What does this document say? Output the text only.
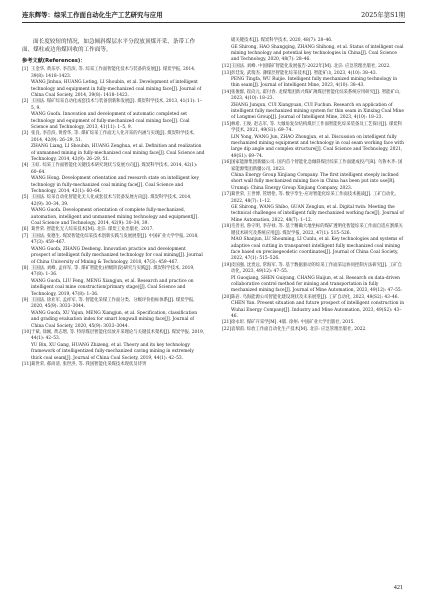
连东辉等：综采工作面自动化生产工艺研究与应用	2025年第S1期

面长度较短的情况，如急倾斜煤层水平分段放顶煤开采、条带工作面、煤柱或边角煤回收的工作面等。

参考文献(References)：

[1] 王金华, 黄乐亭, 李首滨, 等. 综采工作面智能化技术与装备的发展[J]. 煤炭学报, 2014, 39(8): 1418–1423.

WANG Jinhua, HUANG Leting, LI Shoubin, et al. Development of intelligent technology and equipment in fully-mechanized coal mining face[J]. Journal of China Coal Society, 2014, 39(8): 1418–1423.

[2] 王国法. 煤矿综采自动化成套技术与装备创新和发展[J]. 煤炭科学技术, 2013, 41(11): 1–5, 9.

WANG Guofa. Innovation and development of automatic completed set technology and equipment of fully-mechanized coal mining face[J]. Coal Science and Technology, 2013, 41(11): 1–5, 9.

[3] 张良, 李首滨, 黄曾华, 等. 煤矿综采工作面无人化开采的内涵与实现[J]. 煤炭科学技术, 2014, 42(9): 26–29, 51.

ZHANG Liang, LI Shoubin, HUANG Zenghua, et al. Definition and realization of unmanned mining in fully-mechanized coal mining face[J]. Coal Science and Technology, 2014, 42(9): 26–29, 51.

[4] 王虹. 综采工作面智能化关键技术研究现状与发展方向[J]. 煤炭科学技术, 2014, 42(1): 60–64.

WANG Hong. Development orientation and research state on intelligent key technology in fully-mechanized coal mining face[J]. Coal Science and Technology, 2014, 42(1): 60–64.

[5] 王国法. 综采自动化智能化无人化成套技术与装备发展方向[J]. 煤炭科学技术, 2014, 42(9): 30–34, 39.

WANG Guofa. Development orientation of complete fully-mechanized, automation, intelligent and unmanned mining technology and equipment[J]. Coal Science and Technology, 2014, 42(9): 30–34, 39.

[6] 葛世荣. 智能化无人综采技术[M]. 北京: 煤炭工业出版社, 2017.

[7] 王国法, 张德生. 煤炭智能化综采技术创新实践与发展展望[J]. 中国矿业大学学报, 2018, 47(3): 459–467.

WANG Guofa, ZHANG Desheng. Innovation practice and development prospect of intelligent fully mechanized technology for coal mining[J]. Journal of China University of Mining & Technology, 2018, 47(3): 459–467.

[8] 王国法, 刘峰, 孟祥军, 等. 煤矿智能化(初级阶段)研究与实践[J]. 煤炭科学技术, 2019, 47(8): 1–36.

WANG Guofa, LIU Feng, MENG Xiangjun, et al. Research and practice on intelligent coal mine construction(primary stage)[J]. Coal Science and Technology, 2019, 47(8): 1–36.

[9] 王国法, 徐亚军, 孟祥军, 等. 智能化采煤工作面分类、分级评价指标体系[J]. 煤炭学报, 2020, 45(9): 3033–3044.

WANG Guofa, XU Yajun, MENG Xiangjun, et al. Specification, classification and grading evaluation index for smart longwall mining face[J]. Journal of China Coal Society, 2020, 45(9): 3033–3044.

[10]于斌, 徐刚, 黄志增, 等. 特厚煤层智能化综放开采理论与关键技术架构[J]. 煤炭学报, 2019, 44(1): 42–53.

YU Bin, XU Gang, HUANG Zhizeng, et al. Theory and its key technology framework of intelligentized fully-mechanized caving mining in extremely thick coal seam[J]. Journal of China Coal Society, 2019, 44(1): 42–53.

[11]葛世荣, 郝尚清, 张世洪, 等. 我国智能化采煤技术现状及待突

破关键技术[J]. 煤炭科学技术, 2020, 48(7): 28–46.

GE Shirong, HAO Shangqing, ZHANG Shihong, et al. Status of intelligent coal mining technology and potential key technologies in China[J]. Coal Science and Technology, 2020, 48(7): 28–46.

[12]王国法. 刘峰. 中国煤矿智能化发展报告-2022年[M]. 北京: 应急管理出版社, 2022.

[13]彭廷发, 武瑞杰. 薄煤层智能化综采技术[J]. 智能矿山, 2023, 4(10): 38–43.

PENG Tingfa, WU Ruijie. Intelligent fully mechanized mining technology in thin seam[J]. Journal of Intelligent Mine, 2023, 4(10): 38–43.

[14]张俊群, 崔向元, 霍付春. 龙煤集团新兴煤矿薄煤层智能化综采系统应用研究[J]. 智能矿山, 2023, 4(10): 18–23.

ZHANG Junqun, CUI Xiangyuan, CUI Fuchun. Research on application of intelligent fully mechanized mining system for thin seam in Xinxing Coal Mine of Longmei Group[J]. Journal of Intelligent Mine, 2023, 4(10): 18–23.

[15]林希, 王俊, 赵志军, 等. 大倾角复杂结构煤层工作面智能化综采装备及工艺探讨[J]. 煤炭科学技术, 2021, 49(S1): 69–74.

LIN Yong, WANG Jun, ZHAO Zhongjun, et al. Discussion on intelligent fully mechanized mining equipment and technology in coal seam working face with large dip angle and complex structure[J]. Coal Science and Technology, 2021, 49(S1): 69–74.

[16]国家能源集团新疆公司. 国内首个智能化急倾斜煤层综采工作面建成投产[R]. 乌鲁木齐: 国家能源集团新疆公司, 2023.

China Energy Group Xinjiang Company. The first intelligent steeply inclined short wall fully mechanized mining face in China has been put into use[R]. Urumqi: China Energy Group Xinjiang Company, 2023.

[17]葛世荣, 王世博, 管增伦, 等. 数字孪生-应对智能化综采工作面技术挑战[J]. 工矿自动化, 2022, 48(7): 1–12.

GE Shirong, WANG Shibo, GUAN Zenglun, et al. Digital twin: Meeting the technical challenges of intelligent fully mechanized working face[J]. Journal of Mine Automation, 2022, 48(7): 1–12.

[18]毛善君, 鲁守明, 李存禄, 等. 基于精确大地坐标的煤矿透明化智能综采工作面自适应割煤关键技术研究及系统应用[J]. 煤炭学报, 2022, 47(1): 515–526.

MAO Shanjun, LU Shouming, LI Cunlu, et al. Key technologies and systems of adaptive coal cutting in transparent intelligent fully mechanized coal mining face based on precisegeodetic coordinates[J]. Journal of China Coal Society, 2022, 47(1): 515–526.

[19]皮国强, 沈贵远, 常海军, 等. 基于数据驱动的综采工作面采运协同控制方法研究[J]. 工矿自动化, 2023, 49(12): 47–55.

PI Guoqiang, SHEN Guiyang, CHANG Haijun, et al. Research on data-driven collaborative control method for mining and transportation in fully mechanized mining face[J]. Journal of Mine Automation, 2023, 49(12): 47–55.

[20]陈岩. 乌海能源公司智能化建设现状及未来展望[J]. 工矿自动化, 2023, 49(S2): 43–46.

CHEN Yan. Present situation and future prospect of intelligent construction in Wuhai Energy Company[J]. Industry and Mine Automation, 2023, 49(S2): 43–46.

[21]徐永圻. 煤矿开采学[M]. 4版. 徐州: 中国矿业大学出版社, 2015.

[22]袁瑞甫. 综放工作面自动化生产技术[M]. 北京: 应急管理出版社, 2022.

421
